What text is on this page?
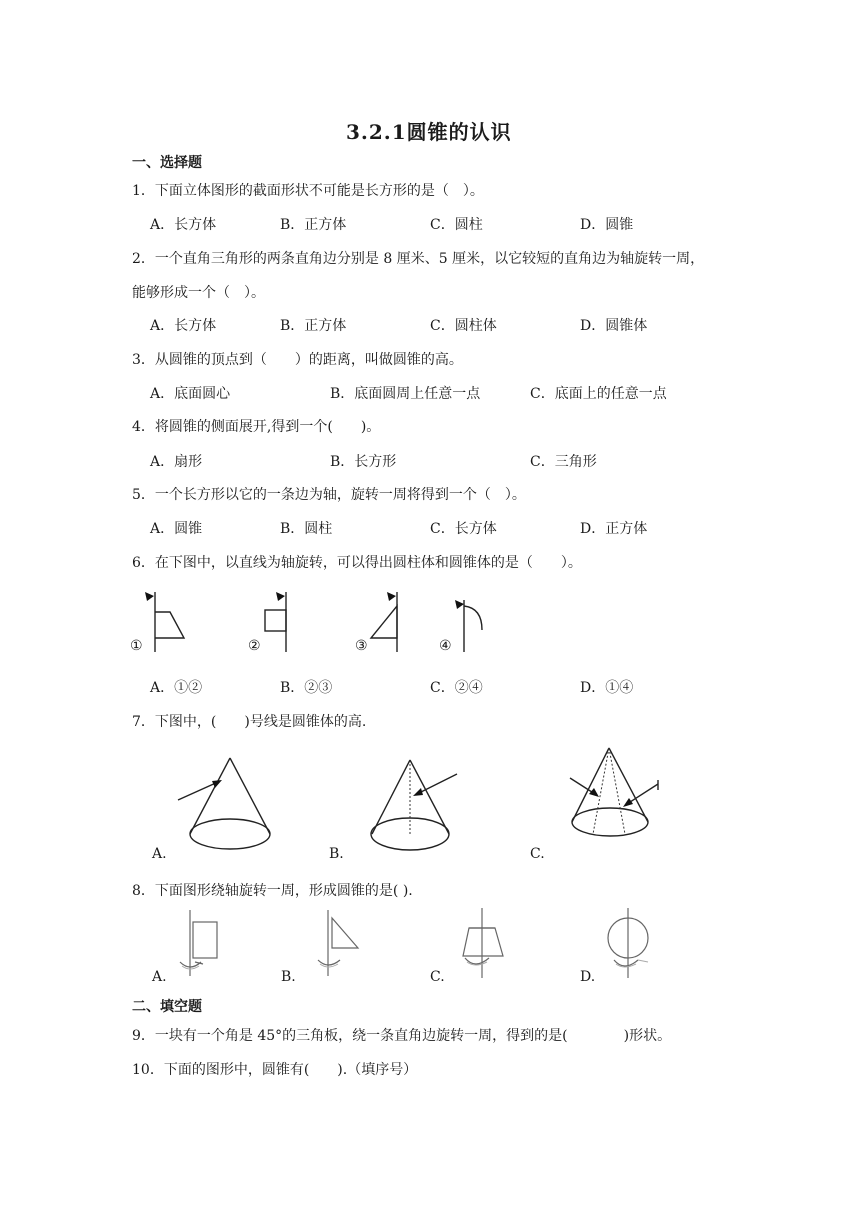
3.2.1圆锥的认识
一、选择题
1．下面立体图形的截面形状不可能是长方形的是（　）。
A．长方体	B．正方体	C．圆柱	D．圆锥
2．一个直角三角形的两条直角边分别是 8 厘米、5 厘米，以它较短的直角边为轴旋转一周，
能够形成一个（　）。
A．长方体	B．正方体	C．圆柱体	D．圆锥体
3．从圆锥的顶点到（　　）的距离，叫做圆锥的高。
A．底面圆心	B．底面圆周上任意一点	C．底面上的任意一点
4．将圆锥的侧面展开,得到一个(　　)。
A．扇形	B．长方形	C．三角形
5．一个长方形以它的一条边为轴，旋转一周将得到一个（　）。
A．圆锥	B．圆柱	C．长方体	D．正方体
6．在下图中，以直线为轴旋转，可以得出圆柱体和圆锥体的是（　　）。
①	②	③	④
A．①②	B．②③	C．②④	D．①④
7．下图中，(　　)号线是圆锥体的高.
A.	B.	C.
8．下面图形绕轴旋转一周，形成圆锥的是( ).
A.	B.	C.	D.
二、填空题
9．一块有一个角是 45°的三角板，绕一条直角边旋转一周，得到的是(　　　　)形状。
10．下面的图形中，圆锥有(　　).（填序号）
